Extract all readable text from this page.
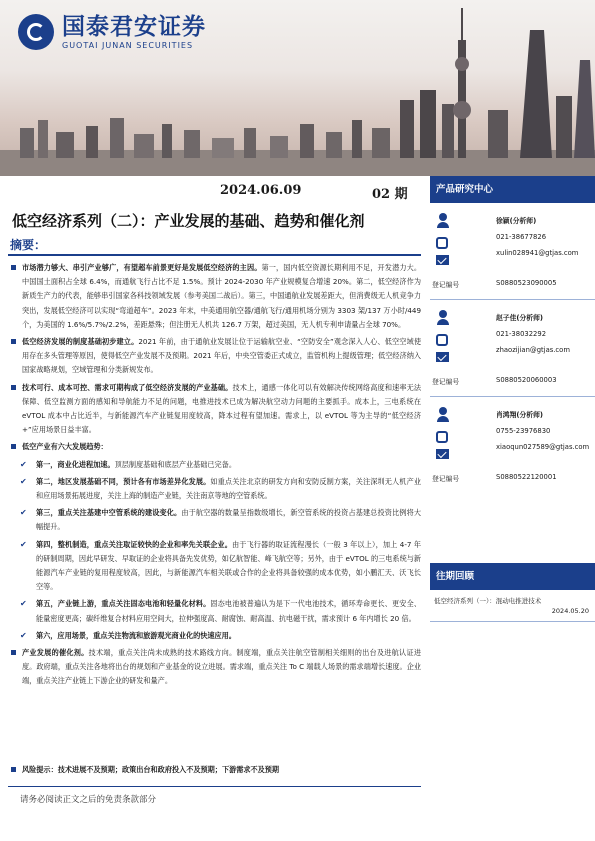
国泰君安证券
GUOTAI JUNAN SECURITIES
2024.06.09	02 期
低空经济系列（二）：产业发展的基础、趋势和催化剂
摘要：
市场潜力够大、串引产业够广，有望超车前景更好是发展低空经济的主因。第一，国内低空资源长期利用不足，开发潜力大。中国国土面积占全球 6.4%，而通航飞行占比不足 1.5%。预计 2024-2030 年产业规模复合增速 20%。第二，低空经济作为新质生产力的代表，能够串引国家各科技领域发展（参考美国二战后）。第三，中国通航业发展差距大，但消费级无人机竞争力突出，发展低空经济可以实现“弯道超车”。2023 年末，中美通用航空器/通航飞行/通用机场分别为 3303 架/137 万小时/449 个，为美国的 1.6%/5.7%/2.2%，差距悬殊；但注册无人机共 126.7 万架，超过美国，无人机专利申请量占全球 70%。
低空经济发展的制度基础初步建立。2021 年前，由于通航业发展让位于运输航空业、“空防安全”观念深入人心、低空空域使用存在多头管理等原因，使得低空产业发展不及预期。2021 年后，中央空管委正式成立，监管机构上提级管理；低空经济纳入国家战略规划，空域管理和分类新规发布。
技术可行、成本可控、需求可期构成了低空经济发展的产业基础。技术上，通感一体化可以有效解决传统网络高度和速率无法保障、低空监测方面的感知和导航能力不足的问题，电推进技术已成为解决航空动力问题的主要抓手。成本上，三电系统在 eVTOL 成本中占比近半，与新能源汽车产业链复用度较高，降本过程有望加速。需求上，以 eVTOL 等为主导的“低空经济+”应用场景日益丰富。
低空产业有六大发展趋势：
✔ 第一，商业化进程加速。顶层制度基础和底层产业基础已完备。
✔ 第二，地区发展基础不同，预计各有市场差异化发展。如重点关注北京的研发方向和安防反制方案，关注深圳无人机产业和应用场景拓展进度，关注上海的制造产业链，关注南京等地的空管系统。
✔ 第三，重点关注基建中空管系统的建设变化。由于航空器的数量呈指数级增长，新空管系统的投资占基建总投资比例将大幅提升。
✔ 第四，整机制造，重点关注取证较快的企业和率先关联企业。由于飞行器的取证流程漫长（一般 3 年以上），加上 4-7 年的研制周期，因此早研发、早取证的企业将具备先发优势，如亿航智能、峰飞航空等；另外，由于 eVTOL 的三电系统与新能源汽车产业链的复用程度较高，因此，与新能源汽车相关联或合作的企业将具备较强的成本优势，如小鹏汇天、沃飞长空等。
✔ 第五，产业链上游，重点关注固态电池和轻量化材料。固态电池被普遍认为是下一代电池技术，循环寿命更长、更安全、能量密度更高；碳纤维复合材料应用空间大，拉伸强度高、耐腐蚀、耐高温、抗电磁干扰，需求预计 6 年内增长 20 倍。
✔ 第六，应用场景，重点关注物流和旅游观光商业化的快速应用。
产业发展的催化剂。技术端，重点关注尚未成熟的技术路线方向。制度端，重点关注航空管制相关细则的出台及进航认证进度。政府端，重点关注各地将出台的规划和产业基金的设立进展。需求端，重点关注 To C 端载人场景的需求端增长速度。企业端，重点关注产业链上下游企业的研发和量产。
风险提示：技术进展不及预期；政策出台和政府投入不及预期；下游需求不及预期
请务必阅读正文之后的免责条款部分
产品研究中心
徐颖(分析师)
021-38677826
xulin028941@gtjas.com
登记编号	S0880523090005
赵子佳(分析师)
021-38032292
zhaozijian@gtjas.com
登记编号	S0880520060003
肖鸿翔(分析师)
0755-23976830
xiaoqun027589@gtjas.com
登记编号	S0880522120001
往期回顾
低空经济系列（一）：混动电推进技术
2024.05.20
